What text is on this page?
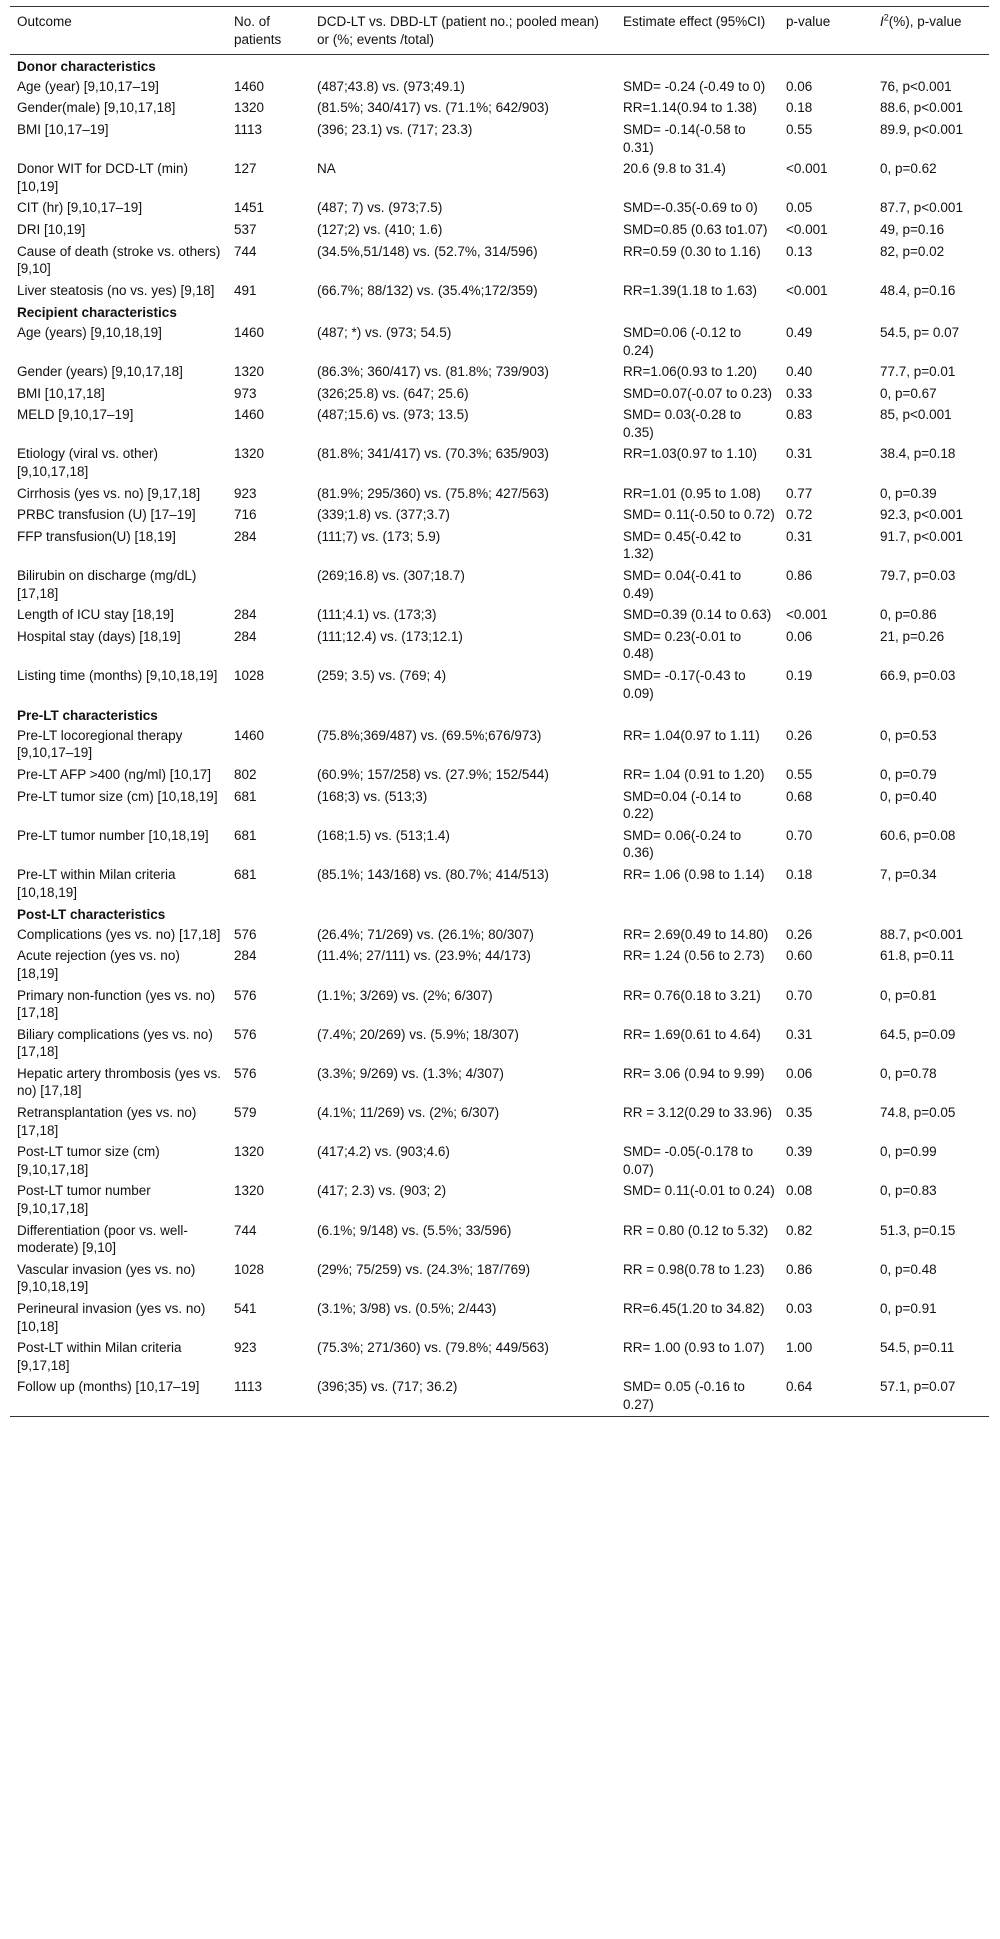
Outcome	No. of patients	DCD-LT vs. DBD-LT (patient no.; pooled mean) or (%; events /total)	Estimate effect (95%CI)	p-value	$I^2(\%)$, p-value
Donor characteristics					
Age (year) [9,10,17–19]	1460	(487;43.8) vs. (973;49.1)	SMD= -0.24 (-0.49 to 0)	0.06	76, p<0.001
Gender(male) [9,10,17,18]	1320	(81.5%; 340/417) vs. (71.1%; 642/903)	RR=1.14(0.94 to 1.38)	0.18	88.6, p<0.001
BMI [10,17–19]	1113	(396; 23.1) vs. (717; 23.3)	SMD= -0.14(-0.58 to 0.31)	0.55	89.9, p<0.001
Donor WIT for DCD-LT (min) [10,19]	127	NA	20.6 (9.8 to 31.4)	<0.001	0, p=0.62
CIT (hr) [9,10,17–19]	1451	(487; 7) vs. (973;7.5)	SMD=-0.35(-0.69 to 0)	0.05	87.7, p<0.001
DRI [10,19]	537	(127;2) vs. (410; 1.6)	SMD=0.85 (0.63 to1.07)	<0.001	49, p=0.16
Cause of death (stroke vs. others) [9,10]	744	(34.5%,51/148) vs. (52.7%, 314/596)	RR=0.59 (0.30 to 1.16)	0.13	82, p=0.02
Liver steatosis (no vs. yes) [9,18]	491	(66.7%; 88/132) vs. (35.4%;172/359)	RR=1.39(1.18 to 1.63)	<0.001	48.4, p=0.16
Recipient characteristics					
Age (years) [9,10,18,19]	1460	(487; *) vs. (973; 54.5)	SMD=0.06 (-0.12 to 0.24)	0.49	54.5, p= 0.07
Gender (years) [9,10,17,18]	1320	(86.3%; 360/417) vs. (81.8%; 739/903)	RR=1.06(0.93 to 1.20)	0.40	77.7, p=0.01
BMI [10,17,18]	973	(326;25.8) vs. (647; 25.6)	SMD=0.07(-0.07 to 0.23)	0.33	0, p=0.67
MELD [9,10,17–19]	1460	(487;15.6) vs. (973; 13.5)	SMD= 0.03(-0.28 to 0.35)	0.83	85, p<0.001
Etiology (viral vs. other) [9,10,17,18]	1320	(81.8%; 341/417) vs. (70.3%; 635/903)	RR=1.03(0.97 to 1.10)	0.31	38.4, p=0.18
Cirrhosis (yes vs. no) [9,17,18]	923	(81.9%; 295/360) vs. (75.8%; 427/563)	RR=1.01 (0.95 to 1.08)	0.77	0, p=0.39
PRBC transfusion (U) [17–19]	716	(339;1.8) vs. (377;3.7)	SMD= 0.11(-0.50 to 0.72)	0.72	92.3, p<0.001
FFP transfusion(U) [18,19]	284	(111;7) vs. (173; 5.9)	SMD= 0.45(-0.42 to 1.32)	0.31	91.7, p<0.001
Bilirubin on discharge (mg/dL) [17,18]		(269;16.8) vs. (307;18.7)	SMD= 0.04(-0.41 to 0.49)	0.86	79.7, p=0.03
Length of ICU stay [18,19]	284	(111;4.1) vs. (173;3)	SMD=0.39 (0.14 to 0.63)	<0.001	0, p=0.86
Hospital stay (days) [18,19]	284	(111;12.4) vs. (173;12.1)	SMD= 0.23(-0.01 to 0.48)	0.06	21, p=0.26
Listing time (months) [9,10,18,19]	1028	(259; 3.5) vs. (769; 4)	SMD= -0.17(-0.43 to 0.09)	0.19	66.9, p=0.03
Pre-LT characteristics					
Pre-LT locoregional therapy [9,10,17–19]	1460	(75.8%;369/487) vs. (69.5%;676/973)	RR= 1.04(0.97 to 1.11)	0.26	0, p=0.53
Pre-LT AFP >400 (ng/ml) [10,17]	802	(60.9%; 157/258) vs. (27.9%; 152/544)	RR= 1.04 (0.91 to 1.20)	0.55	0, p=0.79
Pre-LT tumor size (cm) [10,18,19]	681	(168;3) vs. (513;3)	SMD=0.04 (-0.14 to 0.22)	0.68	0, p=0.40
Pre-LT tumor number [10,18,19]	681	(168;1.5) vs. (513;1.4)	SMD= 0.06(-0.24 to 0.36)	0.70	60.6, p=0.08
Pre-LT within Milan criteria [10,18,19]	681	(85.1%; 143/168) vs. (80.7%; 414/513)	RR= 1.06 (0.98 to 1.14)	0.18	7, p=0.34
Post-LT characteristics					
Complications (yes vs. no) [17,18]	576	(26.4%; 71/269) vs. (26.1%; 80/307)	RR= 2.69(0.49 to 14.80)	0.26	88.7, p<0.001
Acute rejection (yes vs. no) [18,19]	284	(11.4%; 27/111) vs. (23.9%; 44/173)	RR= 1.24 (0.56 to 2.73)	0.60	61.8, p=0.11
Primary non-function (yes vs. no) [17,18]	576	(1.1%; 3/269) vs. (2%; 6/307)	RR= 0.76(0.18 to 3.21)	0.70	0, p=0.81
Biliary complications (yes vs. no) [17,18]	576	(7.4%; 20/269) vs. (5.9%; 18/307)	RR= 1.69(0.61 to 4.64)	0.31	64.5, p=0.09
Hepatic artery thrombosis (yes vs. no) [17,18]	576	(3.3%; 9/269) vs. (1.3%; 4/307)	RR= 3.06 (0.94 to 9.99)	0.06	0, p=0.78
Retransplantation (yes vs. no) [17,18]	579	(4.1%; 11/269) vs. (2%; 6/307)	RR = 3.12(0.29 to 33.96)	0.35	74.8, p=0.05
Post-LT tumor size (cm) [9,10,17,18]	1320	(417;4.2) vs. (903;4.6)	SMD= -0.05(-0.178 to 0.07)	0.39	0, p=0.99
Post-LT tumor number [9,10,17,18]	1320	(417; 2.3) vs. (903; 2)	SMD= 0.11(-0.01 to 0.24)	0.08	0, p=0.83
Differentiation (poor vs. well-moderate) [9,10]	744	(6.1%; 9/148) vs. (5.5%; 33/596)	RR = 0.80 (0.12 to 5.32)	0.82	51.3, p=0.15
Vascular invasion (yes vs. no) [9,10,18,19]	1028	(29%; 75/259) vs. (24.3%; 187/769)	RR = 0.98(0.78 to 1.23)	0.86	0, p=0.48
Perineural invasion (yes vs. no) [10,18]	541	(3.1%; 3/98) vs. (0.5%; 2/443)	RR=6.45(1.20 to 34.82)	0.03	0, p=0.91
Post-LT within Milan criteria [9,17,18]	923	(75.3%; 271/360) vs. (79.8%; 449/563)	RR= 1.00 (0.93 to 1.07)	1.00	54.5, p=0.11
Follow up (months) [10,17–19]	1113	(396;35) vs. (717; 36.2)	SMD= 0.05 (-0.16 to 0.27)	0.64	57.1, p=0.07
